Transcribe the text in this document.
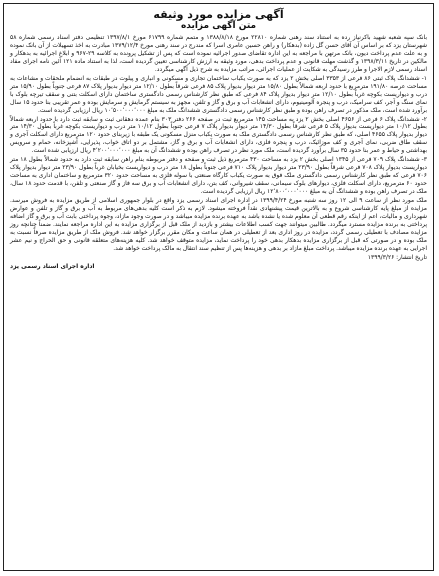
آگهی مزایده مورد وثیقه

متن آگهی مزایده

بانک سپه شعبه شهید باکرنیاز رده به استناد سند رهنی شماره ۲۲۸۱۰ مورخ ۱۳۸۸/۸/۱۸ و متمم شماره ۶۱۷۹۹ مورخ ۱۳۹۷/۸/۱ تنظیمی دفتر اسناد رسمی شماره ۵۸ شهرستان یزد که بر اساس آن آقای حسن گل زاده (بدهکار) و راهن حسین عامری اسرا که مندرج در سند رهنی مورخ ۱۳۷۹/۱۲/۴ مبادرت به اخذ تسهیلات از آن بانک نموده و به علت عدم پرداخت دیون، بانک مرتهن با مراجعه به این اداره تقاضای صدور اجرائیه نموده است که پس از تشکیل پرونده به کلاسه ۲۹-۹۶۷ و ابلاغ اجرائیه به بدهکار و مالکین در تاریخ ۱۳۹۸/۳/۱۱ و گذشت مهلت قانونی و عدم پرداخت بدهی، مورد وثیقه به ارزش کارشناسی تعیین گردیده است، لذا به استناد ماده ۱۲۱ آئین نامه اجرای مفاد اسناد رسمی لازم الاجرا و طرز رسیدگی به شکایت از عملیات اجرائی، مراتب مزایده به شرح ذیل آگهی میگردد.

۱- ششدانگ پلاک ثبتی ۸۶ فرعی از ۳۳۵۳ اصلی بخش ۲ یزد که به صورت یکباب ساختمان تجاری و مسکونی و انباری و پیلوت در طبقات به انضمام ملحقات و مشاعات به مساحت عرصه ۱۹۱/۸۰ مترمربع با حدود اربعه شمالاً بطول ۱۵/۸۰ متر دیوار بدیوار پلاک ۸۵ فرعی شرقاً بطول ۱۲/۱۰ متر دیوار بدیوار پلاک ۸۷ فرعی جنوباً بطول ۱۵/۹۰ متر درب و دیواریست بکوچه غرباً بطول ۱۲/۱۰ متر دیوار بدیوار پلاک ۸۴ فرعی که طبق نظر کارشناس رسمی دادگستری ساختمان دارای اسکلت بتنی و سقف تیرچه بلوک با نمای سنگ و آجر، کف سرامیک، درب و پنجره آلومینیوم، دارای انشعابات آب و برق و گاز و تلفن، مجهز به سیستم گرمایش و سرمایش بوده و عمر تقریبی بنا حدود ۱۵ سال برآورد شده است، ملک مذکور در تصرف راهن بوده و طبق نظر کارشناس رسمی دادگستری ششدانگ ملک به مبلغ ۱۰٬۵۰۰٬۰۰۰٬۰۰۰ ریال ارزیابی گردیده است.

۲- ششدانگ پلاک ۶ فرعی از ۴۶۵۶ اصلی بخش ۲ یزد به مساحت ۱۴۵ مترمربع ثبت در صفحه ۲۶۶ دفتر ۳۰۳ بنام عمده دهقانی ثبت و سابقه ثبت دارد با حدود اربعه شمالاً بطول ۱۰/۱۲ متر دیواریست بدیوار پلاک ۵ فرعی شرقاً بطول ۱۴/۳۰ متر دیوار بدیوار پلاک ۷ فرعی جنوباً بطول ۱۰/۱۲ متر درب و دیواریست بکوچه غرباً بطول ۱۴/۳۰ متر دیوار بدیوار پلاک ۴۶۵۵ اصلی، که طبق نظر کارشناس رسمی دادگستری ملک به صورت یکباب منزل مسکونی یک طبقه با زیربنای حدود ۱۲۰ مترمربع دارای اسکلت آجری و سقف طاق ضربی، نمای آجری و کف موزائیک، درب و پنجره فلزی، دارای انشعابات آب و برق و گاز، مشتمل بر دو اتاق خواب، پذیرایی، آشپزخانه، حمام و سرویس بهداشتی و حیاط و عمر بنا حدود ۳۵ سال برآورد گردیده است، ملک مورد نظر در تصرف راهن بوده و ششدانگ آن به مبلغ ۴٬۲۰۰٬۰۰۰٬۰۰۰ ریال ارزیابی شده است.

۳- ششدانگ پلاک ۷۰۹ فرعی از ۱۳۴۵ اصلی بخش ۲ یزد به مساحت ۴۳۰ مترمربع ذیل ثبت و صفحه و دفتر مربوطه بنام راهن سابقه ثبت دارد به حدود شمالاً بطول ۱۸ متر دیواریست بدیوار پلاک ۷۰۸ فرعی شرقاً بطول ۲۳/۹۰ متر دیوار بدیوار پلاک ۷۱۰ فرعی جنوباً بطول ۱۸ متر درب و دیواریست بخیابان غرباً بطول ۲۳/۹۰ متر دیوار بدیوار پلاک ۷۰۶ فرعی که طبق نظر کارشناس رسمی دادگستری ملک فوق به صورت یکباب کارگاه صنعتی با سوله فلزی به مساحت حدود ۳۲۰ مترمربع و ساختمان اداری به مساحت حدود ۶۰ مترمربع، دارای اسکلت فلزی، دیوارهای بلوک سیمانی، سقف شیروانی، کف بتن، دارای انشعابات آب و برق سه فاز و گاز صنعتی و تلفن، با قدمت حدود ۱۸ سال، ملک در تصرف راهن بوده و ششدانگ آن به مبلغ ۱۲٬۸۰۰٬۰۰۰٬۰۰۰ ریال ارزیابی گردیده است.

ملک مورد نظر از ساعت ۹ الی ۱۲ روز سه شنبه مورخ ۱۳۹۹/۴/۲۴ در اداره اجرای اسناد رسمی یزد واقع در بلوار جمهوری اسلامی از طریق مزایده به فروش میرسد. مزایده از مبلغ پایه کارشناسی شروع و به بالاترین قیمت پیشنهادی نقداً فروخته میشود. لازم به ذکر است کلیه بدهی‌های مربوط به آب و برق و گاز و تلفن و عوارض شهرداری و مالیات، اعم از اینکه رقم قطعی آن معلوم شده یا نشده باشد به عهده برنده مزایده میباشد و در صورت وجود مازاد، وجوه پرداختی بابت آب و برق و گاز اضافه پرداختی به برنده مزایده مسترد میگردد. طالبین میتوانند جهت کسب اطلاعات بیشتر و بازدید از ملک قبل از برگزاری مزایده به این اداره مراجعه نمایند. ضمناً چنانچه روز مزایده مصادف با تعطیلی رسمی گردد، مزایده در روز اداری بعد از تعطیلی در همان ساعت و مکان مقرر برگزار خواهد شد. فروش ملک از طریق مزایده صرفاً نسبت به ملک بوده و در صورتی که قبل از برگزاری مزایده بدهکار بدهی خود را پرداخت نماید، مزایده متوقف خواهد شد. کلیه هزینه‌های متعلقه قانونی و حق الحراج و نیم عشر اجرایی به عهده برنده مزایده میباشد. پرداخت مبلغ مازاد بر بدهی و هزینه‌ها پس از تنظیم سند انتقال به مالک پرداخت خواهد شد.

تاریخ انتشار: ۱۳۹۹/۳/۲۶

اداره اجرای اسناد رسمی یزد
